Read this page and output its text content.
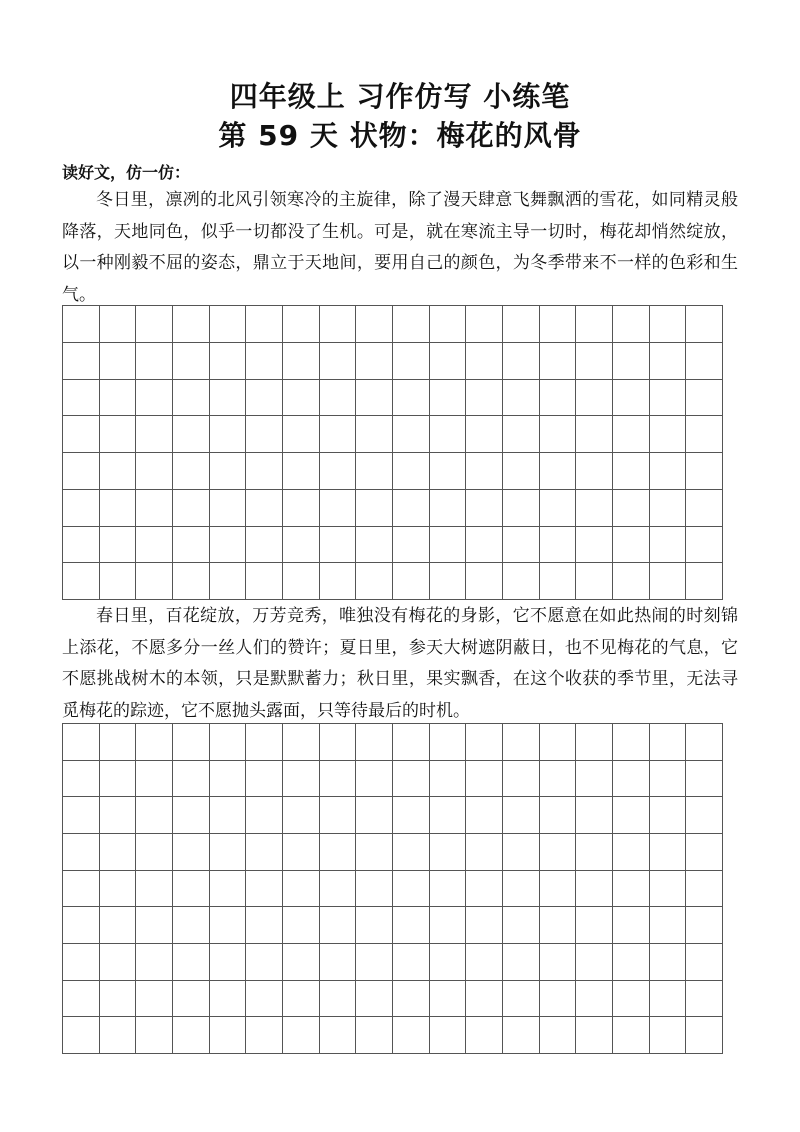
四年级上 习作仿写 小练笔
第 59 天 状物：梅花的风骨

读好文，仿一仿：

冬日里，凛冽的北风引领寒冷的主旋律，除了漫天肆意飞舞飘洒的雪花，如同精灵般降落，天地同色，似乎一切都没了生机。可是，就在寒流主导一切时，梅花却悄然绽放，以一种刚毅不屈的姿态，鼎立于天地间，要用自己的颜色，为冬季带来不一样的色彩和生气。

春日里，百花绽放，万芳竞秀，唯独没有梅花的身影，它不愿意在如此热闹的时刻锦上添花，不愿多分一丝人们的赞许；夏日里，参天大树遮阴蔽日，也不见梅花的气息，它不愿挑战树木的本领，只是默默蓄力；秋日里，果实飘香，在这个收获的季节里，无法寻觅梅花的踪迹，它不愿抛头露面，只等待最后的时机。
